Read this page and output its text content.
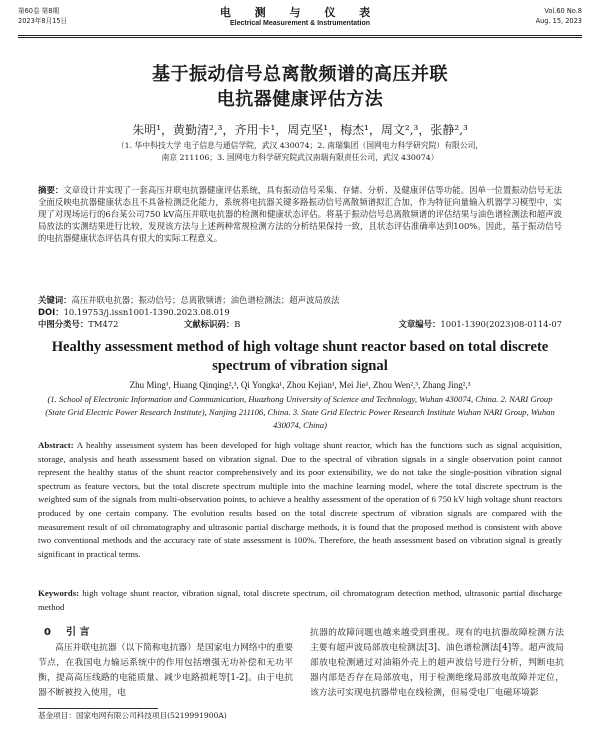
第60卷 第8期
2023年8月15日
电 测 与 仪 表
Electrical Measurement & Instrumentation
Vol.60 No.8
Aug. 15, 2023
基于振动信号总离散频谱的高压并联
电抗器健康评估方法
朱明¹，黄勤清²,³，齐用卡¹，周克坚¹，梅杰¹，周文²,³，张静²,³
（1. 华中科技大学 电子信息与通信学院，武汉 430074；2. 南瑞集团（国网电力科学研究院）有限公司，
南京 211106；3. 国网电力科学研究院武汉南瑞有限责任公司，武汉 430074）
摘要：文章设计并实现了一套高压并联电抗器健康评估系统，具有振动信号采集、存储、分析、及健康评估等功能。因单一位置振动信号无法全面反映电抗器健康状态且不具备检测泛化能力，系统将电抗器关键多路振动信号离散频谱拟汇合加，作为特征向量输入机器学习模型中，实现了对现场运行的6台某公司750 kV高压并联电抗器的检测和健康状态评估。将基于振动信号总离散频谱的评估结果与油色谱检测法和超声波局放法的实测结果进行比较，发现该方法与上述两种常规检测方法的分析结果保持一致，且状态评估准确率达到100%。因此，基于振动信号的电抗器健康状态评估具有很大的实际工程意义。
关键词：高压并联电抗器；振动信号；总离散频谱；油色谱检测法；超声波局放法
DOI：10.19753/j.issn1001-1390.2023.08.019
中图分类号：TM472	文献标识码：B	文章编号：1001-1390(2023)08-0114-07
Healthy assessment method of high voltage shunt reactor based on total discrete spectrum of vibration signal
Zhu Ming¹, Huang Qinqing²,³, Qi Yongka¹, Zhou Kejian¹, Mei Jie¹, Zhou Wen²,³, Zhang Jing²,³
(1. School of Electronic Information and Communication, Huazhong University of Science and Technology, Wuhan 430074, China. 2. NARI Group (State Grid Electric Power Research Institute), Nanjing 211106, China. 3. State Grid Electric Power Research Institute Wuhan NARI Group, Wuhan 430074, China)
Abstract: A healthy assessment system has been developed for high voltage shunt reactor, which has the functions such as signal acquisition, storage, analysis and heath assessment based on vibration signal. Due to the spectral of vibration signals in a single observation point cannot represent the healthy status of the shunt reactor comprehensively and its poor extensibility, we do not take the single-position vibration signal spectrum as feature vectors, but the total discrete spectrum multiple into the machine learning model, where the total discrete spectrum is the weighted sum of the signals from multi-observation points, to achieve a healthy assessment of the operation of 6 750 kV high voltage shunt reactors produced by one certain company. The evolution results based on the total discrete spectrum of vibration signals are compared with the measurement result of oil chromatography and ultrasonic partial discharge methods, it is found that the proposed method is consistent with above two conventional methods and the accuracy rate of state assessment is 100%. Therefore, the heath assessment based on vibration signal is greatly significant in practical terms.
Keywords: high voltage shunt reactor, vibration signal, total discrete spectrum, oil chromatogram detection method, ultrasonic partial discharge method
0 引 言
高压并联电抗器（以下简称电抗器）是国家电力网络中的重要节点，在我国电力输运系统中的作用包括增强无功补偿和无功平衡，提高高压线路的电能质量、减少电路损耗等[1-2]。由于电抗器不断被投入使用，电
抗器的故障问题也越来越受到重视。现有的电抗器故障检测方法主要有超声波局部放电检测法[3]、油色谱检测法[4]等。超声波局部放电检测通过对油箱外壳上的超声波信号进行分析，判断电抗器内部是否存在局部放电，用于检测绝缘局部放电故障并定位，该方法可实现电抗器带电在线检测，但易受电厂电磁环境影
基金项目：国家电网有限公司科技项目(5219991900A)
